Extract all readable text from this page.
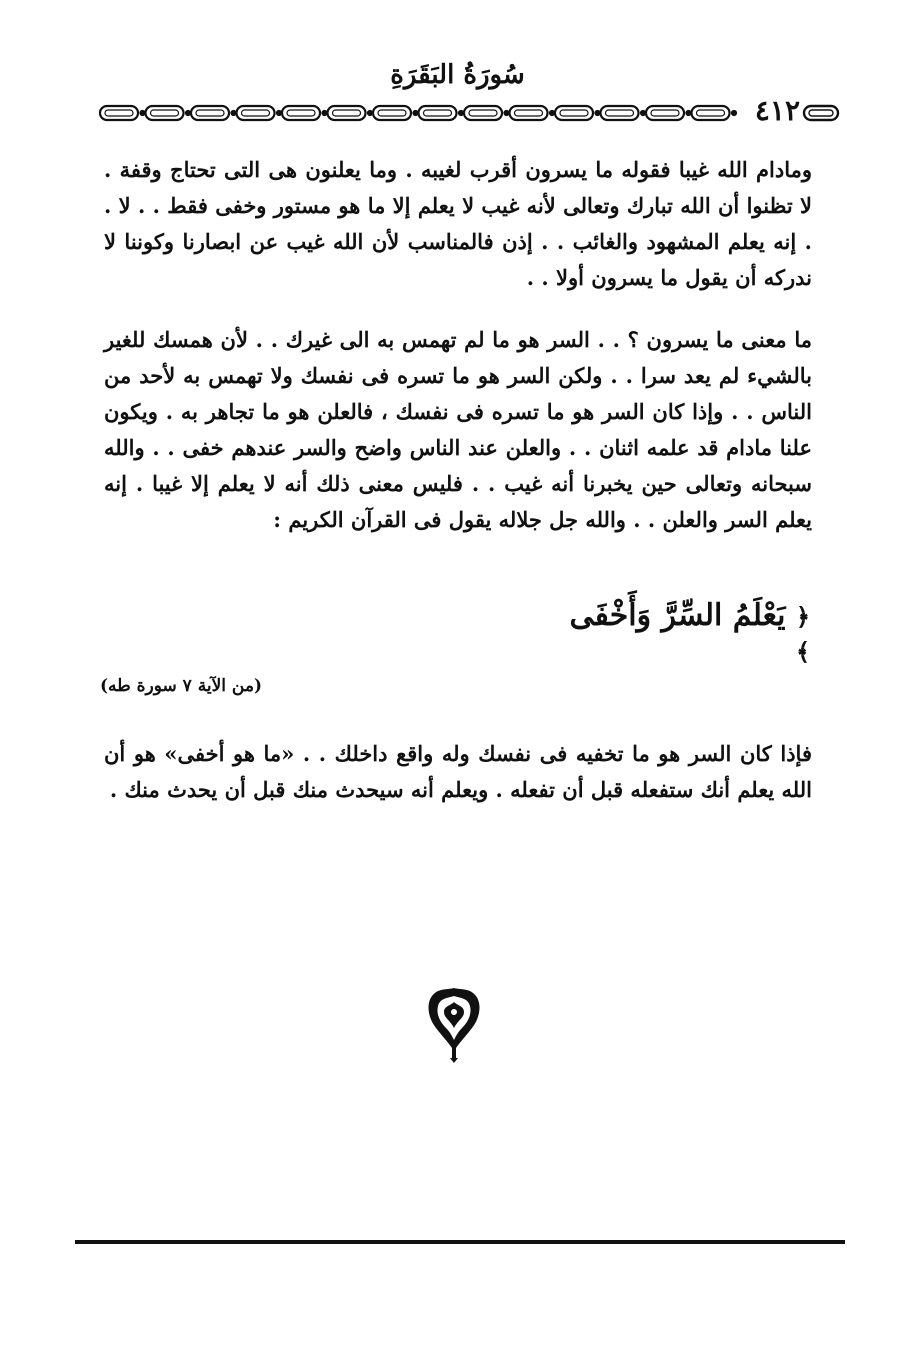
سُورَةُ البَقَرَةِ
٤١٢
ومادام الله غيبا فقوله ما يسرون أقرب لغيبه . وما يعلنون هى التى تحتاج وقفة . لا تظنوا أن الله تبارك وتعالى لأنه غيب لا يعلم إلا ما هو مستور وخفى فقط . . لا . . إنه يعلم المشهود والغائب . . إذن فالمناسب لأن الله غيب عن ابصارنا وكوننا لا ندركه أن يقول ما يسرون أولا . .
ما معنى ما يسرون ؟ . . السر هو ما لم تهمس به الى غيرك . . لأن همسك للغير بالشيء لم يعد سرا . . ولكن السر هو ما تسره فى نفسك ولا تهمس به لأحد من الناس . . وإذا كان السر هو ما تسره فى نفسك ، فالعلن هو ما تجاهر به . ويكون علنا مادام قد علمه اثنان . . والعلن عند الناس واضح والسر عندهم خفى . . والله سبحانه وتعالى حين يخبرنا أنه غيب . . فليس معنى ذلك أنه لا يعلم إلا غيبا . إنه يعلم السر والعلن . . والله جل جلاله يقول فى القرآن الكريم :
﴿ يَعْلَمُ السِّرَّ وَأَخْفَى ﴾
(من الآية ٧ سورة طه)
فإذا كان السر هو ما تخفيه فى نفسك وله واقع داخلك . . «ما هو أخفى» هو أن الله يعلم أنك ستفعله قبل أن تفعله . ويعلم أنه سيحدث منك قبل أن يحدث منك .
